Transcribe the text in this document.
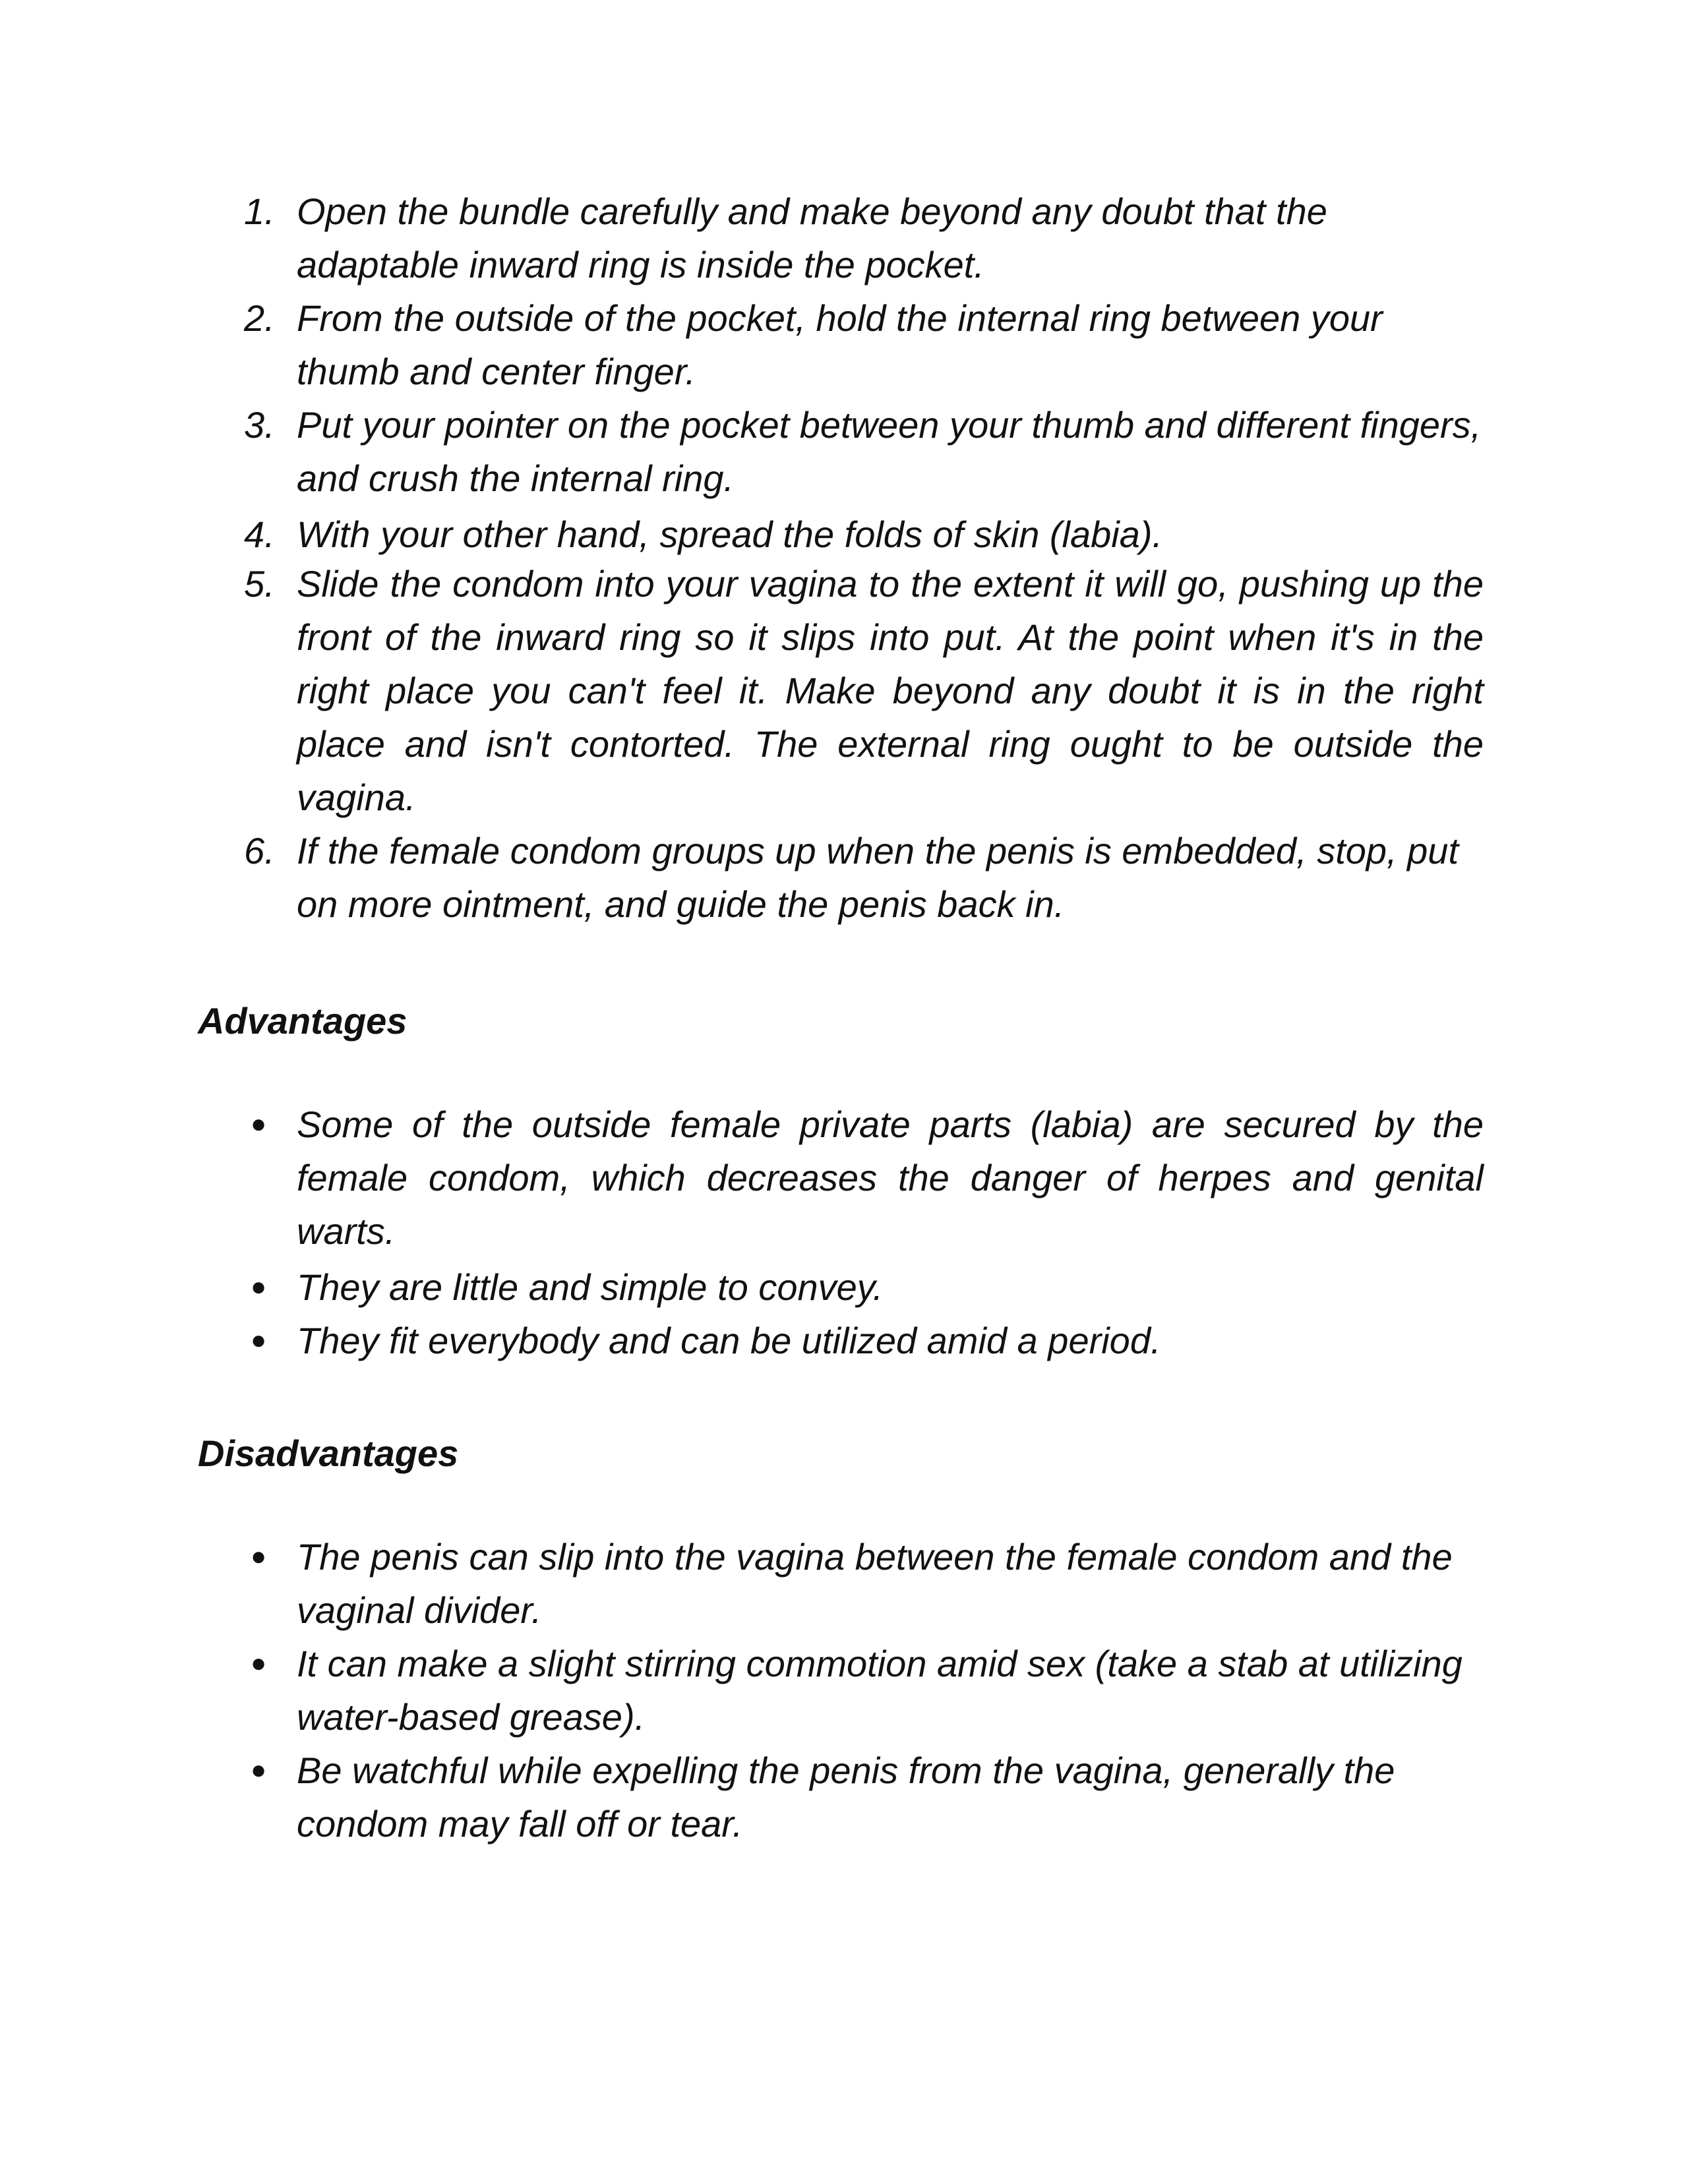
1. Open the bundle carefully and make beyond any doubt that the adaptable inward ring is inside the pocket.
2. From the outside of the pocket, hold the internal ring between your thumb and center finger.
3. Put your pointer on the pocket between your thumb and different fingers, and crush the internal ring.
4. With your other hand, spread the folds of skin (labia).
5. Slide the condom into your vagina to the extent it will go, pushing up the front of the inward ring so it slips into put. At the point when it's in the right place you can't feel it. Make beyond any doubt it is in the right place and isn't contorted. The external ring ought to be outside the vagina.
6. If the female condom groups up when the penis is embedded, stop, put on more ointment, and guide the penis back in.
Advantages
● Some of the outside female private parts (labia) are secured by the female condom, which decreases the danger of herpes and genital warts.
● They are little and simple to convey.
● They fit everybody and can be utilized amid a period.
Disadvantages
● The penis can slip into the vagina between the female condom and the vaginal divider.
● It can make a slight stirring commotion amid sex (take a stab at utilizing water-based grease).
● Be watchful while expelling the penis from the vagina, generally the condom may fall off or tear.
